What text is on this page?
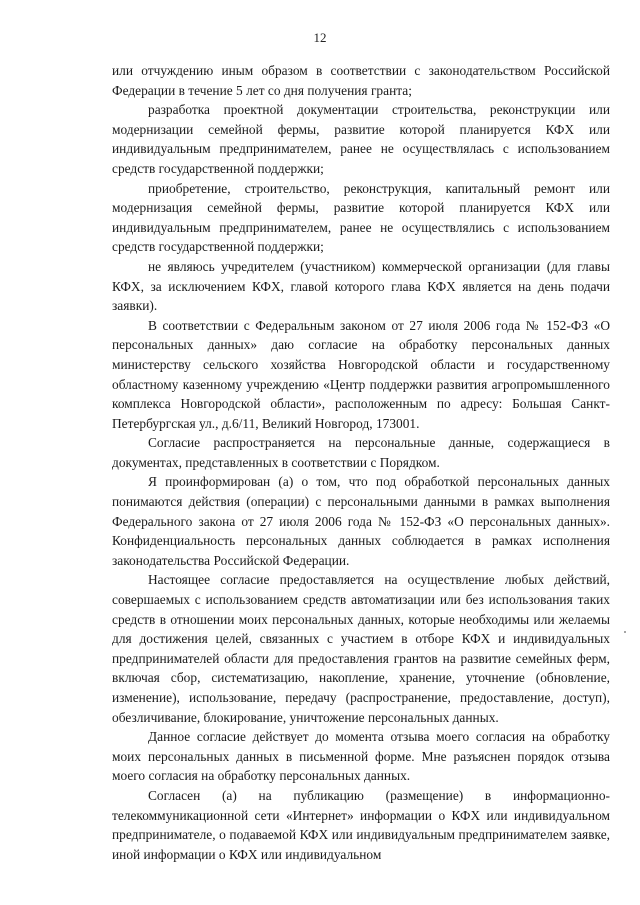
12

или отчуждению иным образом в соответствии с законодательством Российской Федерации в течение 5 лет со дня получения гранта;

разработка проектной документации строительства, реконструкции или модернизации семейной фермы, развитие которой планируется КФХ или индивидуальным предпринимателем, ранее не осуществлялась с использованием средств государственной поддержки;

приобретение, строительство, реконструкция, капитальный ремонт или модернизация семейной фермы, развитие которой планируется КФХ или индивидуальным предпринимателем, ранее не осуществлялись с использованием средств государственной поддержки;

не являюсь учредителем (участником) коммерческой организации (для главы КФХ, за исключением КФХ, главой которого глава КФХ является на день подачи заявки).

В соответствии с Федеральным законом от 27 июля 2006 года № 152-ФЗ «О персональных данных» даю согласие на обработку персональных данных министерству сельского хозяйства Новгородской области и государственному областному казенному учреждению «Центр поддержки развития агропромышленного комплекса Новгородской области», расположенным по адресу: Большая Санкт-Петербургская ул., д.6/11, Великий Новгород, 173001.

Согласие распространяется на персональные данные, содержащиеся в документах, представленных в соответствии с Порядком.

Я проинформирован (а) о том, что под обработкой персональных данных понимаются действия (операции) с персональными данными в рамках выполнения Федерального закона от 27 июля 2006 года № 152-ФЗ «О персональных данных». Конфиденциальность персональных данных соблюдается в рамках исполнения законодательства Российской Федерации.

Настоящее согласие предоставляется на осуществление любых действий, совершаемых с использованием средств автоматизации или без использования таких средств в отношении моих персональных данных, которые необходимы или желаемы для достижения целей, связанных с участием в отборе КФХ и индивидуальных предпринимателей области для предоставления грантов на развитие семейных ферм, включая сбор, систематизацию, накопление, хранение, уточнение (обновление, изменение), использование, передачу (распространение, предоставление, доступ), обезличивание, блокирование, уничтожение персональных данных.

Данное согласие действует до момента отзыва моего согласия на обработку моих персональных данных в письменной форме. Мне разъяснен порядок отзыва моего согласия на обработку персональных данных.

Согласен (а) на публикацию (размещение) в информационно-телекоммуникационной сети «Интернет» информации о КФХ или индивидуальном предпринимателе, о подаваемой КФХ или индивидуальным предпринимателем заявке, иной информации о КФХ или индивидуальном
